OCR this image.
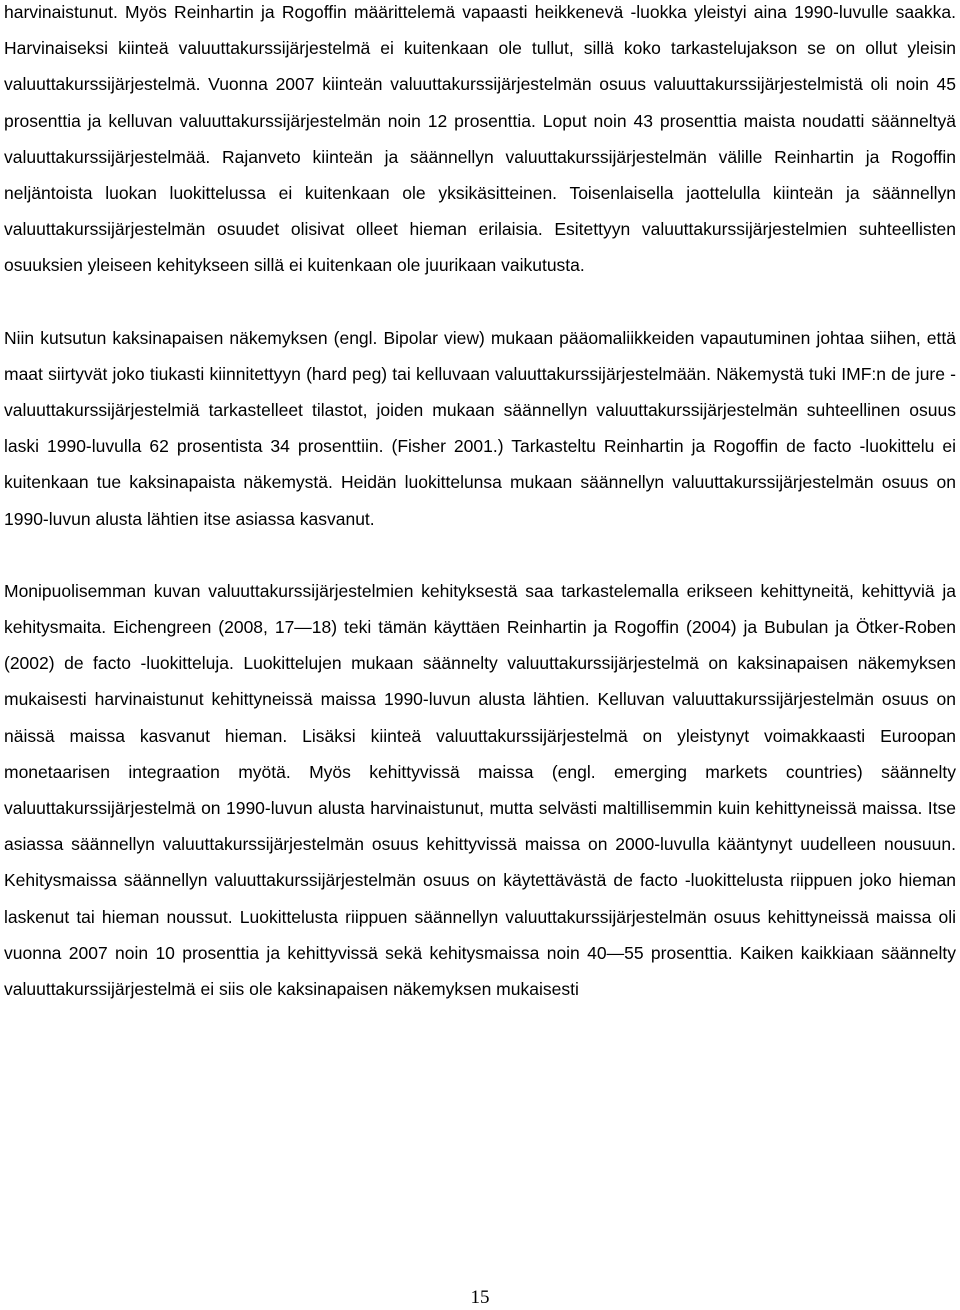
harvinaistunut. Myös Reinhartin ja Rogoffin määrittelemä vapaasti heikkenevä -luokka yleistyi aina 1990-luvulle saakka. Harvinaiseksi kiinteä valuuttakurssijärjestelmä ei kuitenkaan ole tullut, sillä koko tarkastelujakson se on ollut yleisin valuuttakurssijärjestelmä. Vuonna 2007 kiinteän valuuttakurssijärjestelmän osuus valuuttakurssijärjestelmistä oli noin 45 prosenttia ja kelluvan valuuttakurssijärjestelmän noin 12 prosenttia. Loput noin 43 prosenttia maista noudatti säänneltyä valuuttakurssijärjestelmää. Rajanveto kiinteän ja säännellyn valuuttakurssijärjestelmän välille Reinhartin ja Rogoffin neljäntoista luokan luokittelussa ei kuitenkaan ole yksikäsitteinen. Toisenlaisella jaottelulla kiinteän ja säännellyn valuuttakurssijärjestelmän osuudet olisivat olleet hieman erilaisia. Esitettyyn valuuttakurssijärjestelmien suhteellisten osuuksien yleiseen kehitykseen sillä ei kuitenkaan ole juurikaan vaikutusta.

Niin kutsutun kaksinapaisen näkemyksen (engl. Bipolar view) mukaan pääomaliikkeiden vapautuminen johtaa siihen, että maat siirtyvät joko tiukasti kiinnitettyyn (hard peg) tai kelluvaan valuuttakurssijärjestelmään. Näkemystä tuki IMF:n de jure -valuuttakurssijärjestelmiä tarkastelleet tilastot, joiden mukaan säännellyn valuuttakurssijärjestelmän suhteellinen osuus laski 1990-luvulla 62 prosentista 34 prosenttiin. (Fisher 2001.) Tarkasteltu Reinhartin ja Rogoffin de facto -luokittelu ei kuitenkaan tue kaksinapaista näkemystä. Heidän luokittelunsa mukaan säännellyn valuuttakurssijärjestelmän osuus on 1990-luvun alusta lähtien itse asiassa kasvanut.

Monipuolisemman kuvan valuuttakurssijärjestelmien kehityksestä saa tarkastelemalla erikseen kehittyneitä, kehittyviä ja kehitysmaita. Eichengreen (2008, 17—18) teki tämän käyttäen Reinhartin ja Rogoffin (2004) ja Bubulan ja Ötker-Roben (2002) de facto -luokitteluja. Luokittelujen mukaan säännelty valuuttakurssijärjestelmä on kaksinapaisen näkemyksen mukaisesti harvinaistunut kehittyneissä maissa 1990-luvun alusta lähtien. Kelluvan valuuttakurssijärjestelmän osuus on näissä maissa kasvanut hieman. Lisäksi kiinteä valuuttakurssijärjestelmä on yleistynyt voimakkaasti Euroopan monetaarisen integraation myötä. Myös kehittyvissä maissa (engl. emerging markets countries) säännelty valuuttakurssijärjestelmä on 1990-luvun alusta harvinaistunut, mutta selvästi maltillisemmin kuin kehittyneissä maissa. Itse asiassa säännellyn valuuttakurssijärjestelmän osuus kehittyvissä maissa on 2000-luvulla kääntynyt uudelleen nousuun. Kehitysmaissa säännellyn valuuttakurssijärjestelmän osuus on käytettävästä de facto -luokittelusta riippuen joko hieman laskenut tai hieman noussut. Luokittelusta riippuen säännellyn valuuttakurssijärjestelmän osuus kehittyneissä maissa oli vuonna 2007 noin 10 prosenttia ja kehittyvissä sekä kehitysmaissa noin 40—55 prosenttia. Kaiken kaikkiaan säännelty valuuttakurssijärjestelmä ei siis ole kaksinapaisen näkemyksen mukaisesti

15
